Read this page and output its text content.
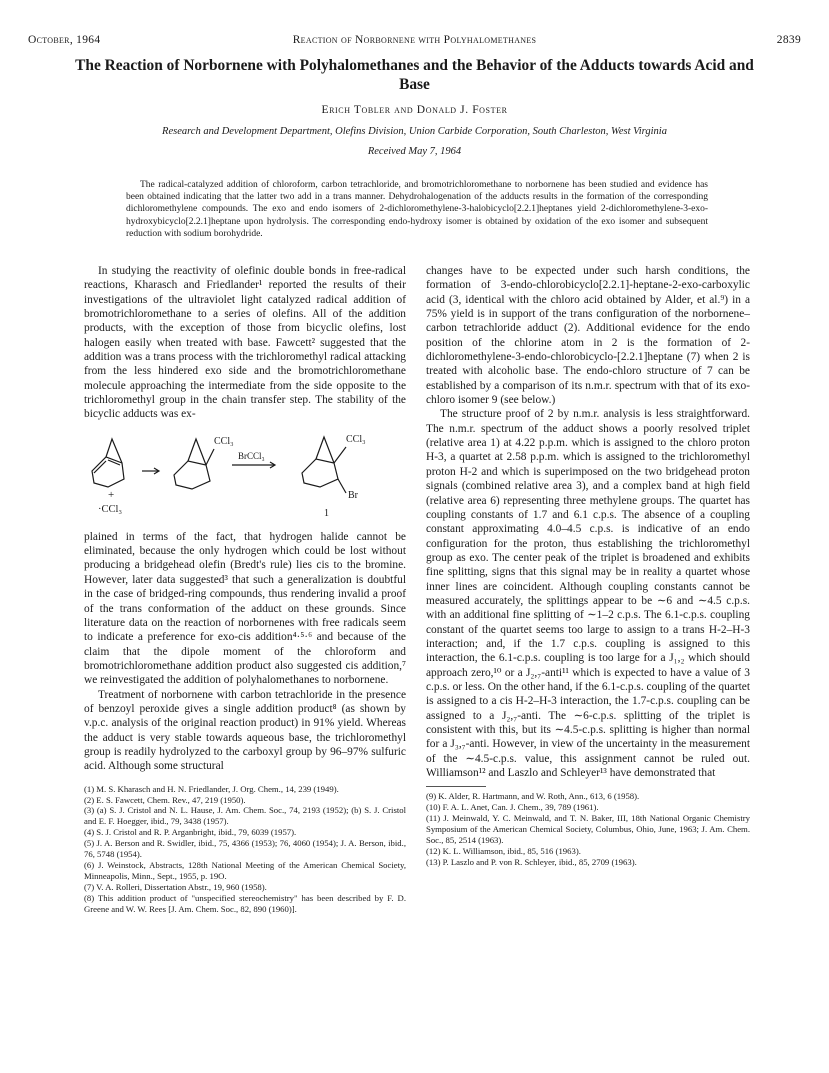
October, 1964	Reaction of Norbornene with Polyhalomethanes	2839
The Reaction of Norbornene with Polyhalomethanes and the Behavior of the Adducts towards Acid and Base
Erich Tobler and Donald J. Foster
Research and Development Department, Olefins Division, Union Carbide Corporation, South Charleston, West Virginia
Received May 7, 1964

The radical-catalyzed addition of chloroform, carbon tetrachloride, and bromotrichloromethane to norbornene has been studied and evidence has been obtained indicating that the latter two add in a trans manner. Dehydrohalogenation of the adducts results in the formation of the corresponding dichloromethylene compounds. The exo and endo isomers of 2-dichloromethylene-3-halobicyclo[2.2.1]heptanes yield 2-dichloromethylene-3-exo-hydroxybicyclo[2.2.1]heptane upon hydrolysis. The corresponding endo-hydroxy isomer is obtained by oxidation of the exo isomer and subsequent reduction with sodium borohydride.

In studying the reactivity of olefinic double bonds in free-radical reactions, Kharasch and Friedlander¹ reported the results of their investigations of the ultraviolet light catalyzed radical addition of bromotrichloromethane to a series of olefins. All of the addition products, with the exception of those from bicyclic olefins, lost halogen easily when treated with base. Fawcett² suggested that the addition was a trans process with the trichloromethyl radical attacking from the less hindered exo side and the bromotrichloromethane molecule approaching the intermediate from the side opposite to the trichloromethyl group in the chain transfer step. The stability of the bicyclic adducts was ex-

+
·CCl₃
CCl₃
BrCCl₃
CCl₃
Br
1

plained in terms of the fact, that hydrogen halide cannot be eliminated, because the only hydrogen which could be lost without producing a bridgehead olefin (Bredt's rule) lies cis to the bromine. However, later data suggested³ that such a generalization is doubtful in the case of bridged-ring compounds, thus rendering invalid a proof of the trans conformation of the adduct on these grounds. Since literature data on the reaction of norbornenes with free radicals seem to indicate a preference for exo-cis addition⁴·⁵·⁶ and because of the claim that the dipole moment of the chloroform and bromotrichloromethane addition product also suggested cis addition,⁷ we reinvestigated the addition of polyhalomethanes to norbornene.

Treatment of norbornene with carbon tetrachloride in the presence of benzoyl peroxide gives a single addition product⁸ (as shown by v.p.c. analysis of the original reaction product) in 91% yield. Whereas the adduct is very stable towards aqueous base, the trichloromethyl group is readily hydrolyzed to the carboxyl group by 96–97% sulfuric acid. Although some structural

(1) M. S. Kharasch and H. N. Friedlander, J. Org. Chem., 14, 239 (1949).
(2) E. S. Fawcett, Chem. Rev., 47, 219 (1950).
(3) (a) S. J. Cristol and N. L. Hause, J. Am. Chem. Soc., 74, 2193 (1952); (b) S. J. Cristol and E. F. Hoegger, ibid., 79, 3438 (1957).
(4) S. J. Cristol and R. P. Arganbright, ibid., 79, 6039 (1957).
(5) J. A. Berson and R. Swidler, ibid., 75, 4366 (1953); 76, 4060 (1954); J. A. Berson, ibid., 76, 5748 (1954).
(6) J. Weinstock, Abstracts, 128th National Meeting of the American Chemical Society, Minneapolis, Minn., Sept., 1955, p. 19O.
(7) V. A. Rolleri, Dissertation Abstr., 19, 960 (1958).
(8) This addition product of "unspecified stereochemistry" has been described by F. D. Greene and W. W. Rees [J. Am. Chem. Soc., 82, 890 (1960)].

changes have to be expected under such harsh conditions, the formation of 3-endo-chlorobicyclo[2.2.1]-heptane-2-exo-carboxylic acid (3, identical with the chloro acid obtained by Alder, et al.⁹) in a 75% yield is in support of the trans configuration of the norbornene–carbon tetrachloride adduct (2). Additional evidence for the endo position of the chlorine atom in 2 is the formation of 2-dichloromethylene-3-endo-chlorobicyclo-[2.2.1]heptane (7) when 2 is treated with alcoholic base. The endo-chloro structure of 7 can be established by a comparison of its n.m.r. spectrum with that of its exo-chloro isomer 9 (see below.)

The structure proof of 2 by n.m.r. analysis is less straightforward. The n.m.r. spectrum of the adduct shows a poorly resolved triplet (relative area 1) at 4.22 p.p.m. which is assigned to the chloro proton H-3, a quartet at 2.58 p.p.m. which is assigned to the trichloromethyl proton H-2 and which is superimposed on the two bridgehead proton signals (combined relative area 3), and a complex band at high field (relative area 6) representing three methylene groups. The quartet has coupling constants of 1.7 and 6.1 c.p.s. The absence of a coupling constant approximating 4.0–4.5 c.p.s. is indicative of an endo configuration for the proton, thus establishing the trichloromethyl group as exo. The center peak of the triplet is broadened and exhibits fine splitting, signs that this signal may be in reality a quartet whose inner lines are coincident. Although coupling constants cannot be measured accurately, the splittings appear to be ∼6 and ∼4.5 c.p.s. with an additional fine splitting of ∼1–2 c.p.s. The 6.1-c.p.s. coupling constant of the quartet seems too large to assign to a trans H-2–H-3 interaction; and, if the 1.7 c.p.s. coupling is assigned to this interaction, the 6.1-c.p.s. coupling is too large for a J₁,₂ which should approach zero,¹⁰ or a J₂,₇-anti¹¹ which is expected to have a value of 3 c.p.s. or less. On the other hand, if the 6.1-c.p.s. coupling of the quartet is assigned to a cis H-2–H-3 interaction, the 1.7-c.p.s. coupling can be assigned to a J₂,₇-anti. The ∼6-c.p.s. splitting of the triplet is consistent with this, but its ∼4.5-c.p.s. splitting is higher than normal for a J₃,₇-anti. However, in view of the uncertainty in the measurement of the ∼4.5-c.p.s. value, this assignment cannot be ruled out. Williamson¹² and Laszlo and Schleyer¹³ have demonstrated that

(9) K. Alder, R. Hartmann, and W. Roth, Ann., 613, 6 (1958).
(10) F. A. L. Anet, Can. J. Chem., 39, 789 (1961).
(11) J. Meinwald, Y. C. Meinwald, and T. N. Baker, III, 18th National Organic Chemistry Symposium of the American Chemical Society, Columbus, Ohio, June, 1963; J. Am. Chem. Soc., 85, 2514 (1963).
(12) K. L. Williamson, ibid., 85, 516 (1963).
(13) P. Laszlo and P. von R. Schleyer, ibid., 85, 2709 (1963).
